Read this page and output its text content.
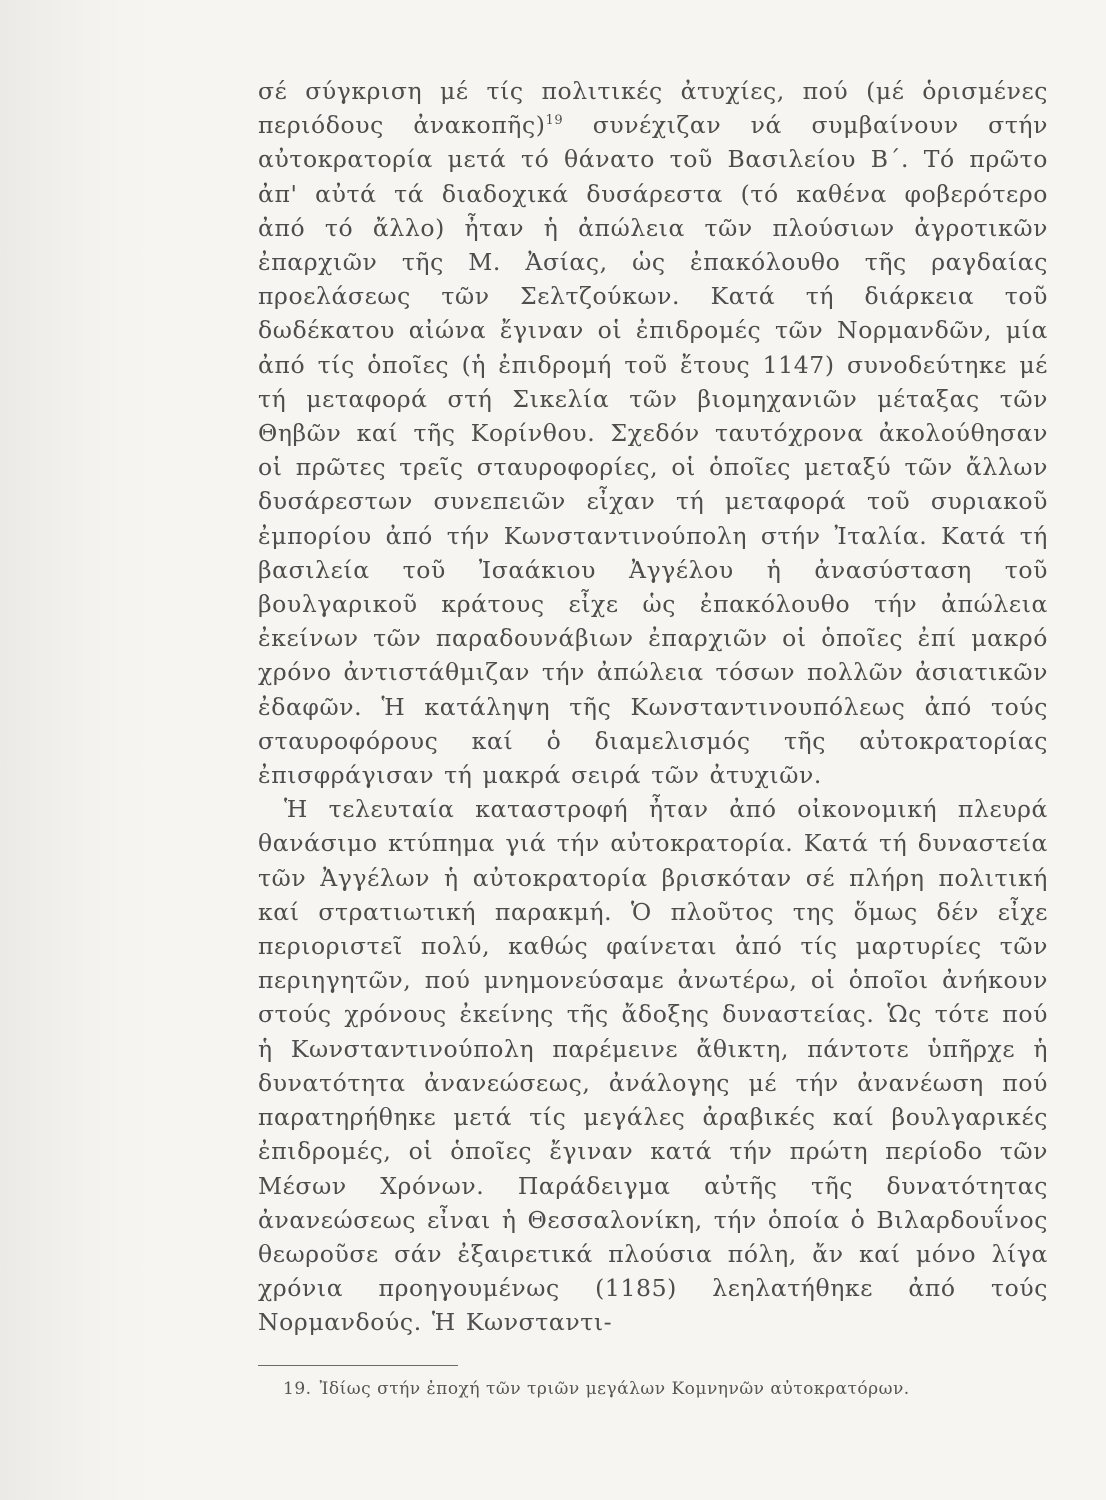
σέ σύγκριση μέ τίς πολιτικές ἀτυχίες, πού (μέ ὁρισμένες περιόδους ἀνακοπῆς)$^{19}$ συνέχιζαν νά συμβαίνουν στήν αὐτοκρατορία μετά τό θάνατο τοῦ Βασιλείου Β΄. Τό πρῶτο ἀπ' αὐτά τά διαδοχικά δυσάρεστα (τό καθένα φοβερότερο ἀπό τό ἄλλο) ἦταν ἡ ἀπώλεια τῶν πλούσιων ἀγροτικῶν ἐπαρχιῶν τῆς Μ. Ἀσίας, ὡς ἐπακόλουθο τῆς ραγδαίας προελάσεως τῶν Σελτζούκων. Κατά τή διάρκεια τοῦ δωδέκατου αἰώνα ἔγιναν οἱ ἐπιδρομές τῶν Νορμανδῶν, μία ἀπό τίς ὁποῖες (ἡ ἐπιδρομή τοῦ ἔτους 1147) συνοδεύτηκε μέ τή μεταφορά στή Σικελία τῶν βιομηχανιῶν μέταξας τῶν Θηβῶν καί τῆς Κορίνθου. Σχεδόν ταυτόχρονα ἀκολούθησαν οἱ πρῶτες τρεῖς σταυροφορίες, οἱ ὁποῖες μεταξύ τῶν ἄλλων δυσάρεστων συνεπειῶν εἶχαν τή μεταφορά τοῦ συριακοῦ ἐμπορίου ἀπό τήν Κωνσταντινούπολη στήν Ἰταλία. Κατά τή βασιλεία τοῦ Ἰσαάκιου Ἀγγέλου ἡ ἀνασύσταση τοῦ βουλγαρικοῦ κράτους εἶχε ὡς ἐπακόλουθο τήν ἀπώλεια ἐκείνων τῶν παραδουνάβιων ἐπαρχιῶν οἱ ὁποῖες ἐπί μακρό χρόνο ἀντιστάθμιζαν τήν ἀπώλεια τόσων πολλῶν ἀσιατικῶν ἐδαφῶν. Ἡ κατάληψη τῆς Κωνσταντινουπόλεως ἀπό τούς σταυροφόρους καί ὁ διαμελισμός τῆς αὐτοκρατορίας ἐπισφράγισαν τή μακρά σειρά τῶν ἀτυχιῶν.

Ἡ τελευταία καταστροφή ἦταν ἀπό οἰκονομική πλευρά θανάσιμο κτύπημα γιά τήν αὐτοκρατορία. Κατά τή δυναστεία τῶν Ἀγγέλων ἡ αὐτοκρατορία βρισκόταν σέ πλήρη πολιτική καί στρατιωτική παρακμή. Ὁ πλοῦτος της ὅμως δέν εἶχε περιοριστεῖ πολύ, καθώς φαίνεται ἀπό τίς μαρτυρίες τῶν περιηγητῶν, πού μνημονεύσαμε ἀνωτέρω, οἱ ὁποῖοι ἀνήκουν στούς χρόνους ἐκείνης τῆς ἄδοξης δυναστείας. Ὡς τότε πού ἡ Κωνσταντινούπολη παρέμεινε ἄθικτη, πάντοτε ὑπῆρχε ἡ δυνατότητα ἀνανεώσεως, ἀνάλογης μέ τήν ἀνανέωση πού παρατηρήθηκε μετά τίς μεγάλες ἀραβικές καί βουλγαρικές ἐπιδρομές, οἱ ὁποῖες ἔγιναν κατά τήν πρώτη περίοδο τῶν Μέσων Χρόνων. Παράδειγμα αὐτῆς τῆς δυνατότητας ἀνανεώσεως εἶναι ἡ Θεσσαλονίκη, τήν ὁποία ὁ Βιλαρδουΐνος θεωροῦσε σάν ἐξαιρετικά πλούσια πόλη, ἄν καί μόνο λίγα χρόνια προηγουμένως (1185) λεηλατήθηκε ἀπό τούς Νορμανδούς. Ἡ Κωνσταντι-

19. Ἰδίως στήν ἐποχή τῶν τριῶν μεγάλων Κομνηνῶν αὐτοκρατόρων.
